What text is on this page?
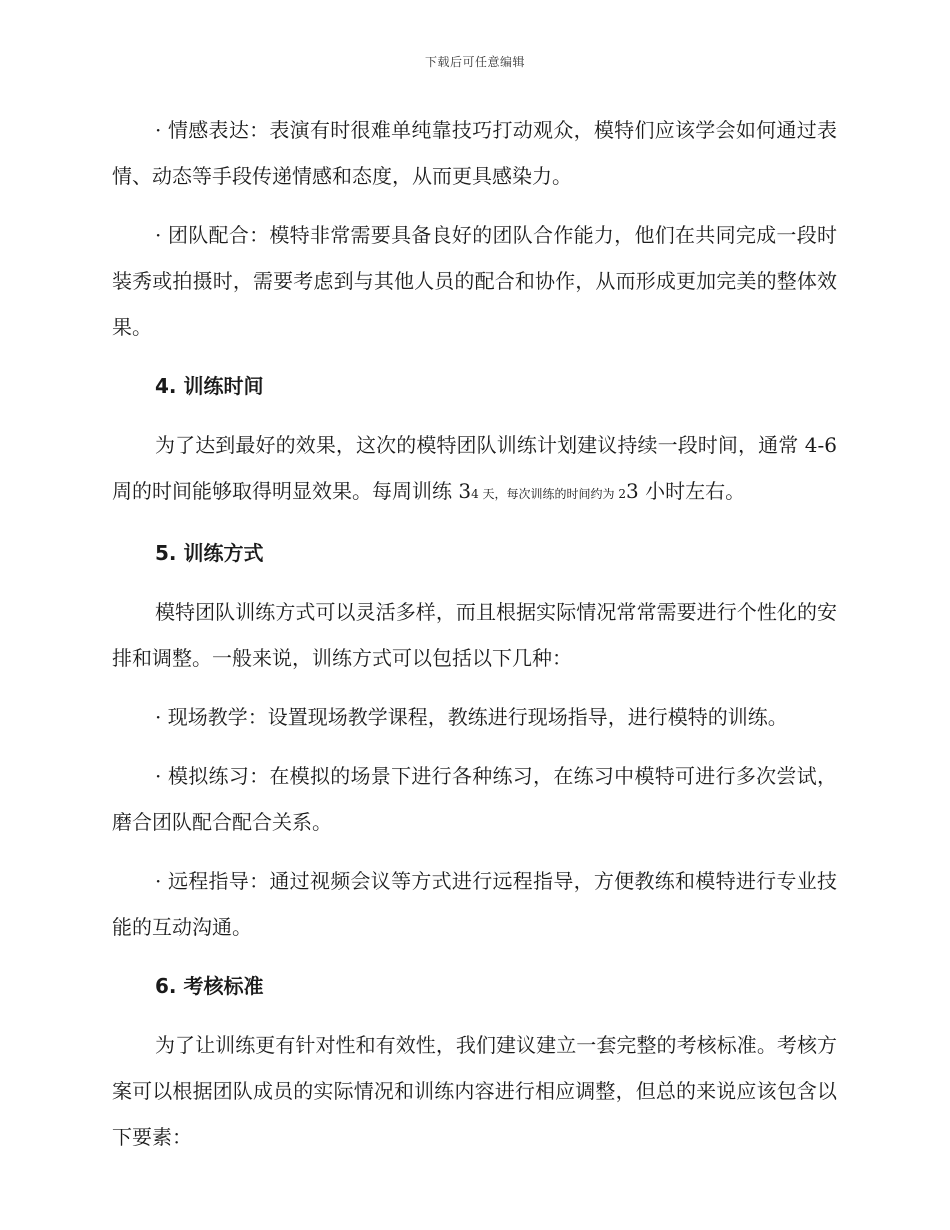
下载后可任意编辑

· 情感表达：表演有时很难单纯靠技巧打动观众，模特们应该学会如何通过表情、动态等手段传递情感和态度，从而更具感染力。

· 团队配合：模特非常需要具备良好的团队合作能力，他们在共同完成一段时装秀或拍摄时，需要考虑到与其他人员的配合和协作，从而形成更加完美的整体效果。

4. 训练时间

为了达到最好的效果，这次的模特团队训练计划建议持续一段时间，通常 4-6 周的时间能够取得明显效果。每周训练 34 天，每次训练的时间约为 23 小时左右。

5. 训练方式

模特团队训练方式可以灵活多样，而且根据实际情况常常需要进行个性化的安排和调整。一般来说，训练方式可以包括以下几种：

· 现场教学：设置现场教学课程，教练进行现场指导，进行模特的训练。

· 模拟练习：在模拟的场景下进行各种练习，在练习中模特可进行多次尝试，磨合团队配合配合关系。

· 远程指导：通过视频会议等方式进行远程指导，方便教练和模特进行专业技能的互动沟通。

6. 考核标准

为了让训练更有针对性和有效性，我们建议建立一套完整的考核标准。考核方案可以根据团队成员的实际情况和训练内容进行相应调整，但总的来说应该包含以下要素：
